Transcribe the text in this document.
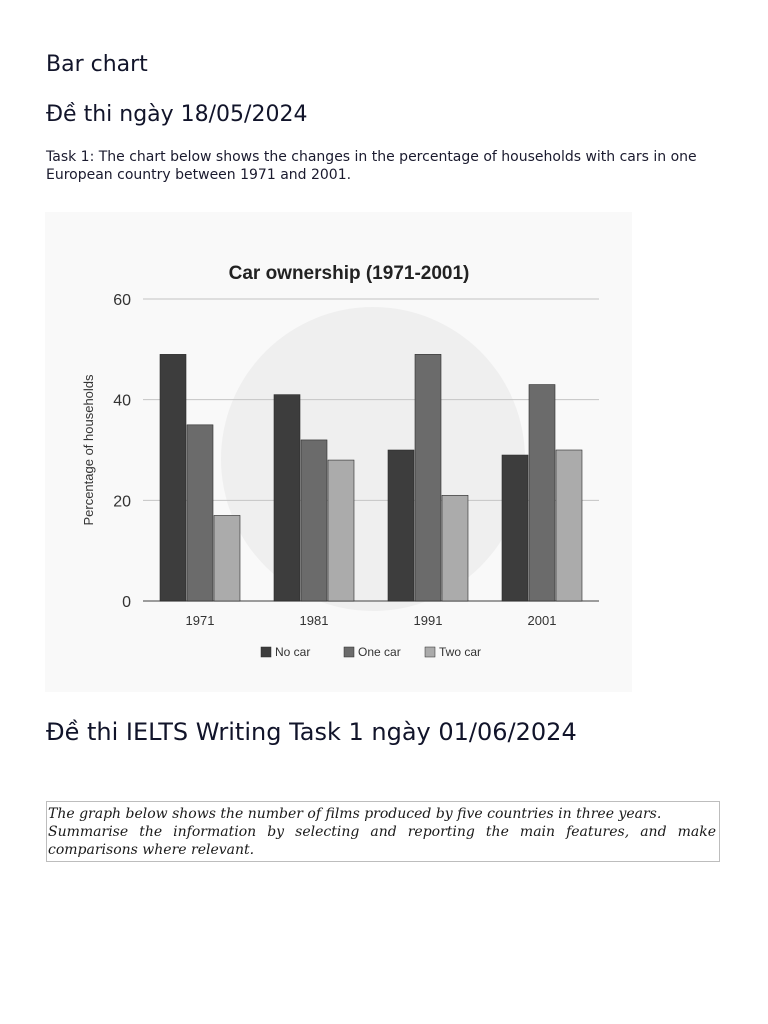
Bar chart
Đề thi ngày 18/05/2024

Task 1: The chart below shows the changes in the percentage of households with cars in one European country between 1971 and 2001.

Car ownership (1971-2001)
Percentage of households
0
20
40
60
1971	1981	1991	2001
No car	One car	Two car
Đề thi IELTS Writing Task 1 ngày 01/06/2024

The graph below shows the number of films produced by five countries in three years.

Summarise the information by selecting and reporting the main features, and make comparisons where relevant.
